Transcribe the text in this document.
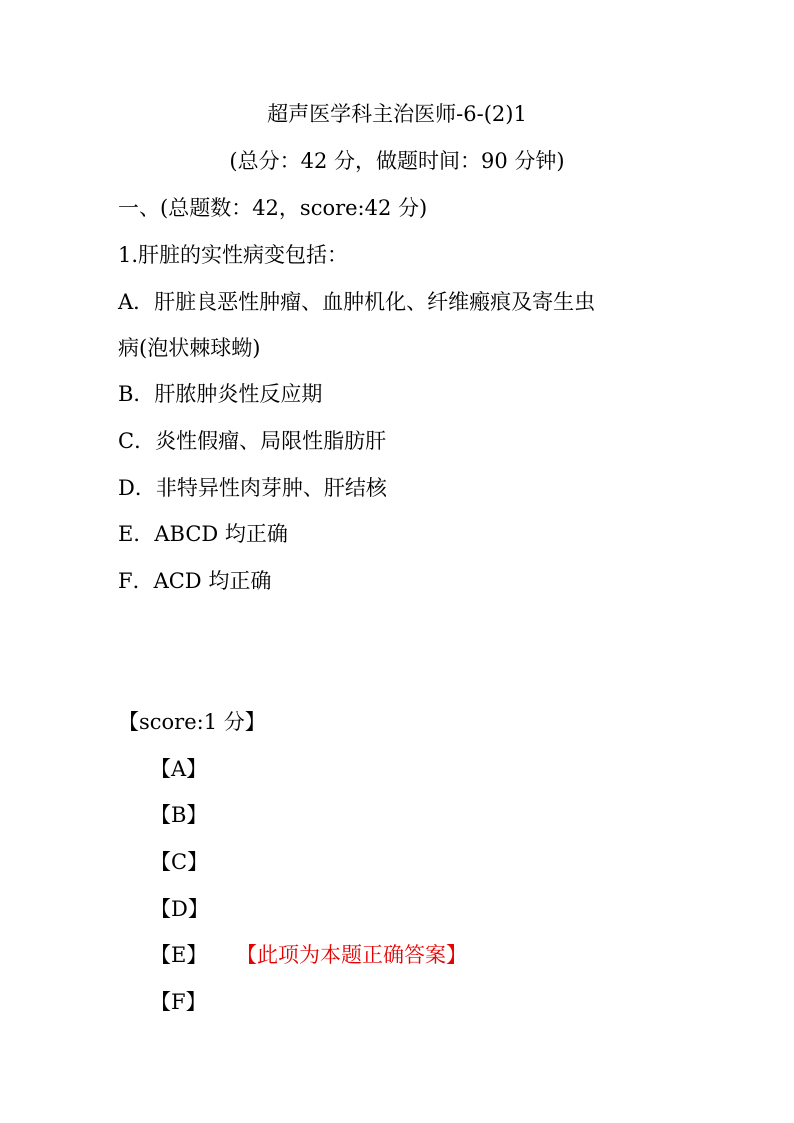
超声医学科主治医师-6-(2)1
(总分：42 分，做题时间：90 分钟)
一、(总题数：42，score:42 分)
1.肝脏的实性病变包括：
A．肝脏良恶性肿瘤、血肿机化、纤维瘢痕及寄生虫
病(泡状棘球蚴)
B．肝脓肿炎性反应期
C．炎性假瘤、局限性脂肪肝
D．非特异性肉芽肿、肝结核
E．ABCD 均正确
F．ACD 均正确
【score:1 分】
【A】
【B】
【C】
【D】
【E】 【此项为本题正确答案】
【F】
